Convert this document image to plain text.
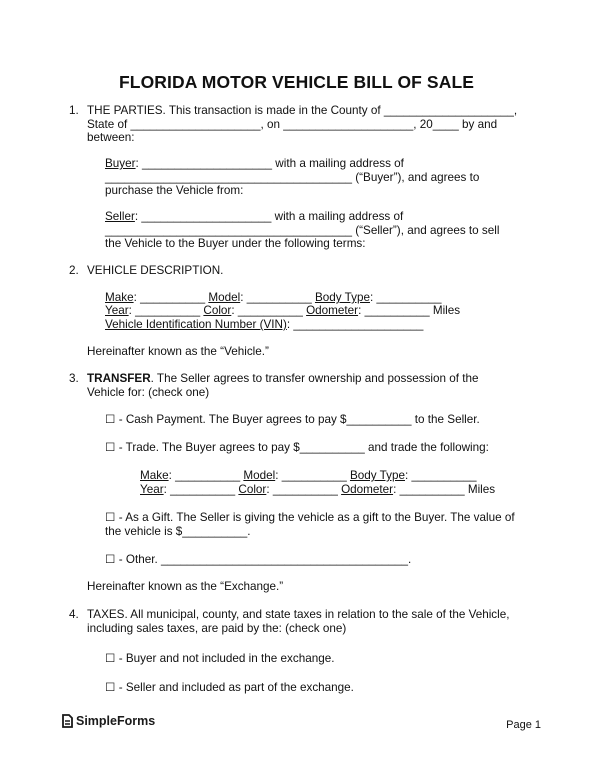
FLORIDA MOTOR VEHICLE BILL OF SALE
1. THE PARTIES. This transaction is made in the County of ____________________,
State of ____________________, on ____________________, 20____ by and
between:
Buyer: ____________________ with a mailing address of
______________________________________ (“Buyer”), and agrees to
purchase the Vehicle from:
Seller: ____________________ with a mailing address of
______________________________________ (“Seller”), and agrees to sell
the Vehicle to the Buyer under the following terms:
2. VEHICLE DESCRIPTION.
Make: __________ Model: __________ Body Type: __________
Year: __________ Color: __________ Odometer: __________ Miles
Vehicle Identification Number (VIN): ____________________
Hereinafter known as the “Vehicle.”
3. TRANSFER. The Seller agrees to transfer ownership and possession of the
Vehicle for: (check one)
☐ - Cash Payment. The Buyer agrees to pay $__________ to the Seller.
☐ - Trade. The Buyer agrees to pay $__________ and trade the following:
Make: __________ Model: __________ Body Type: __________
Year: __________ Color: __________ Odometer: __________ Miles
☐ - As a Gift. The Seller is giving the vehicle as a gift to the Buyer. The value of
the vehicle is $__________.
☐ - Other. ______________________________________.
Hereinafter known as the “Exchange.”
4. TAXES. All municipal, county, and state taxes in relation to the sale of the Vehicle,
including sales taxes, are paid by the: (check one)
☐ - Buyer and not included in the exchange.
☐ - Seller and included as part of the exchange.
SimpleForms	Page 1
